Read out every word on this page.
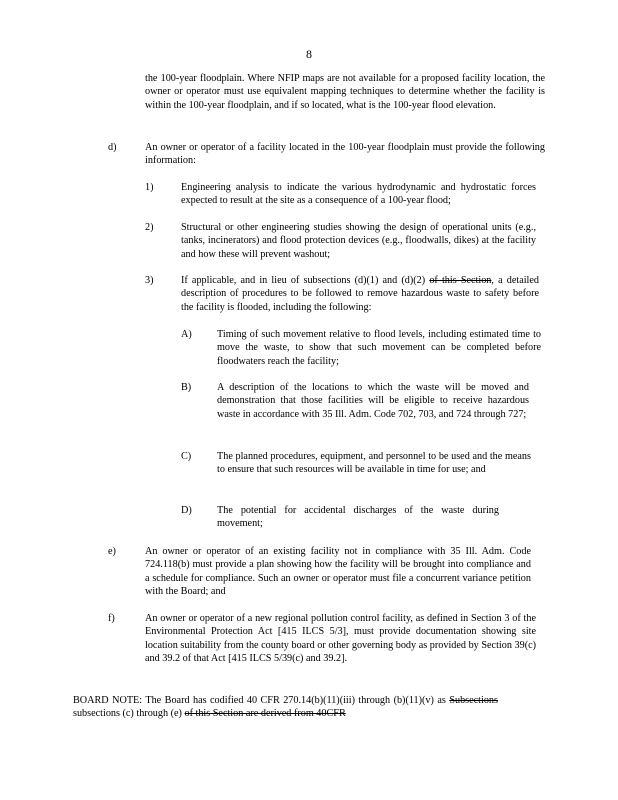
8
the 100-year floodplain. Where NFIP maps are not available for a proposed facility location, the owner or operator must use equivalent mapping techniques to determine whether the facility is within the 100-year floodplain, and if so located, what is the 100-year flood elevation.
d)	An owner or operator of a facility located in the 100-year floodplain must provide the following information:
1)	Engineering analysis to indicate the various hydrodynamic and hydrostatic forces expected to result at the site as a consequence of a 100-year flood;
2)	Structural or other engineering studies showing the design of operational units (e.g., tanks, incinerators) and flood protection devices (e.g., floodwalls, dikes) at the facility and how these will prevent washout;
3)	If applicable, and in lieu of subsections (d)(1) and (d)(2) of this Section, a detailed description of procedures to be followed to remove hazardous waste to safety before the facility is flooded, including the following:
A) Timing of such movement relative to flood levels, including estimated time to move the waste, to show that such movement can be completed before floodwaters reach the facility;
B)	A description of the locations to which the waste will be moved and demonstration that those facilities will be eligible to receive hazardous waste in accordance with 35 Ill. Adm. Code 702, 703, and 724 through 727;
C)	The planned procedures, equipment, and personnel to be used and the means to ensure that such resources will be available in time for use; and
D) The potential for accidental discharges of the waste during movement;
e)	An owner or operator of an existing facility not in compliance with 35 Ill. Adm. Code 724.118(b) must provide a plan showing how the facility will be brought into compliance and a schedule for compliance. Such an owner or operator must file a concurrent variance petition with the Board; and
f)	An owner or operator of a new regional pollution control facility, as defined in Section 3 of the Environmental Protection Act [415 ILCS 5/3], must provide documentation showing site location suitability from the county board or other governing body as provided by Section 39(c) and 39.2 of that Act [415 ILCS 5/39(c) and 39.2].
BOARD NOTE: The Board has codified 40 CFR 270.14(b)(11)(iii) through (b)(11)(v) as Subsections subsections (c) through (e) of this Section are derived from 40CFR
